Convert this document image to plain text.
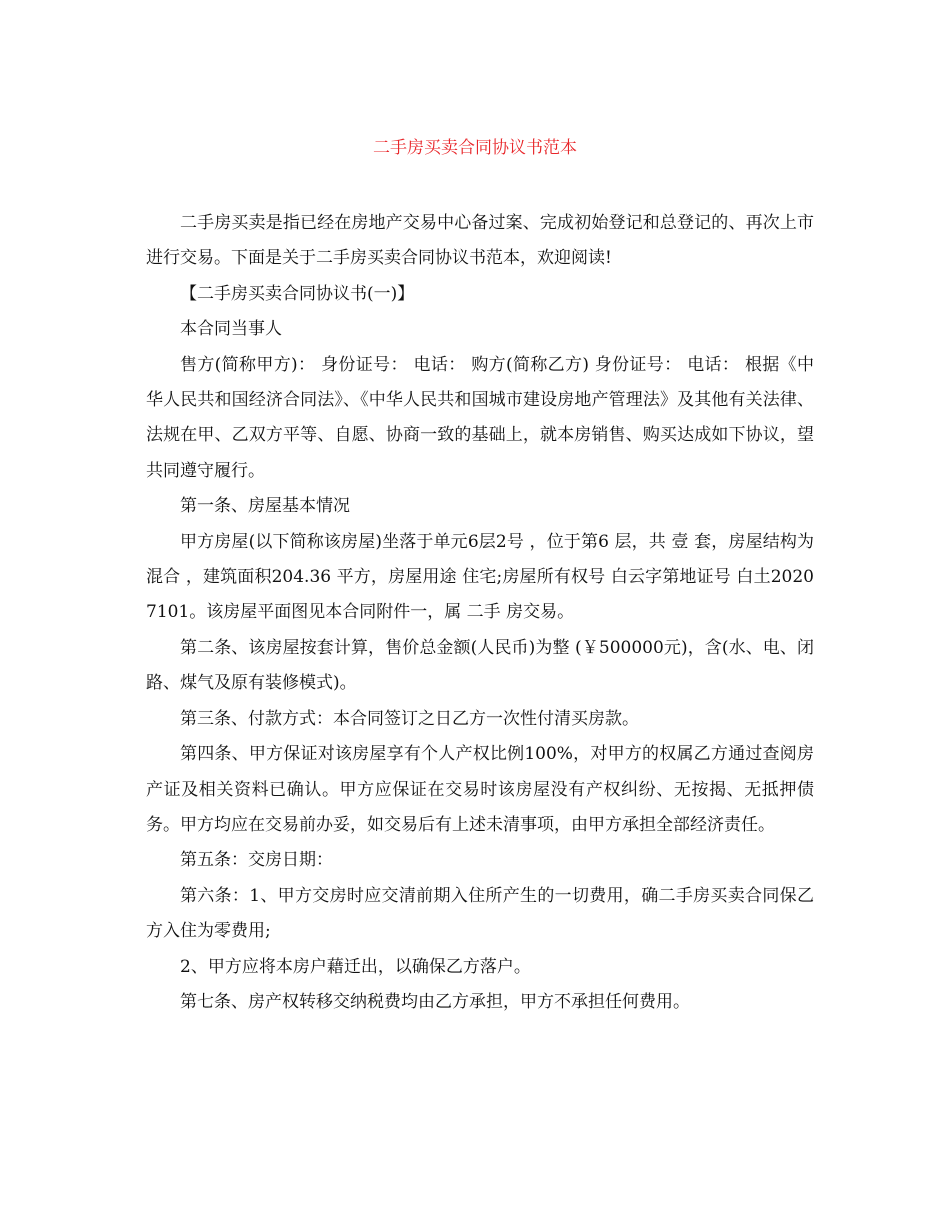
二手房买卖合同协议书范本

二手房买卖是指已经在房地产交易中心备过案、完成初始登记和总登记的、再次上市进行交易。下面是关于二手房买卖合同协议书范本，欢迎阅读!

【二手房买卖合同协议书(一)】

本合同当事人

售方(简称甲方)： 身份证号： 电话： 购方(简称乙方) 身份证号： 电话： 根据《中华人民共和国经济合同法》、《中华人民共和国城市建设房地产管理法》及其他有关法律、法规在甲、乙双方平等、自愿、协商一致的基础上，就本房销售、购买达成如下协议，望共同遵守履行。

第一条、房屋基本情况

甲方房屋(以下简称该房屋)坐落于单元6层2号 ，位于第6 层，共 壹 套，房屋结构为 混合 ，建筑面积204.36 平方，房屋用途 住宅;房屋所有权号 白云字第地证号 白土2020 7101。该房屋平面图见本合同附件一，属 二手 房交易。

第二条、该房屋按套计算，售价总金额(人民币)为整 (￥500000元)，含(水、电、闭路、煤气及原有装修模式)。

第三条、付款方式：本合同签订之日乙方一次性付清买房款。

第四条、甲方保证对该房屋享有个人产权比例100%，对甲方的权属乙方通过查阅房产证及相关资料已确认。甲方应保证在交易时该房屋没有产权纠纷、无按揭、无抵押债务。甲方均应在交易前办妥，如交易后有上述未清事项，由甲方承担全部经济责任。

第五条：交房日期：

第六条：1、甲方交房时应交清前期入住所产生的一切费用，确二手房买卖合同保乙方入住为零费用;

2、甲方应将本房户藉迁出，以确保乙方落户。

第七条、房产权转移交纳税费均由乙方承担，甲方不承担任何费用。
